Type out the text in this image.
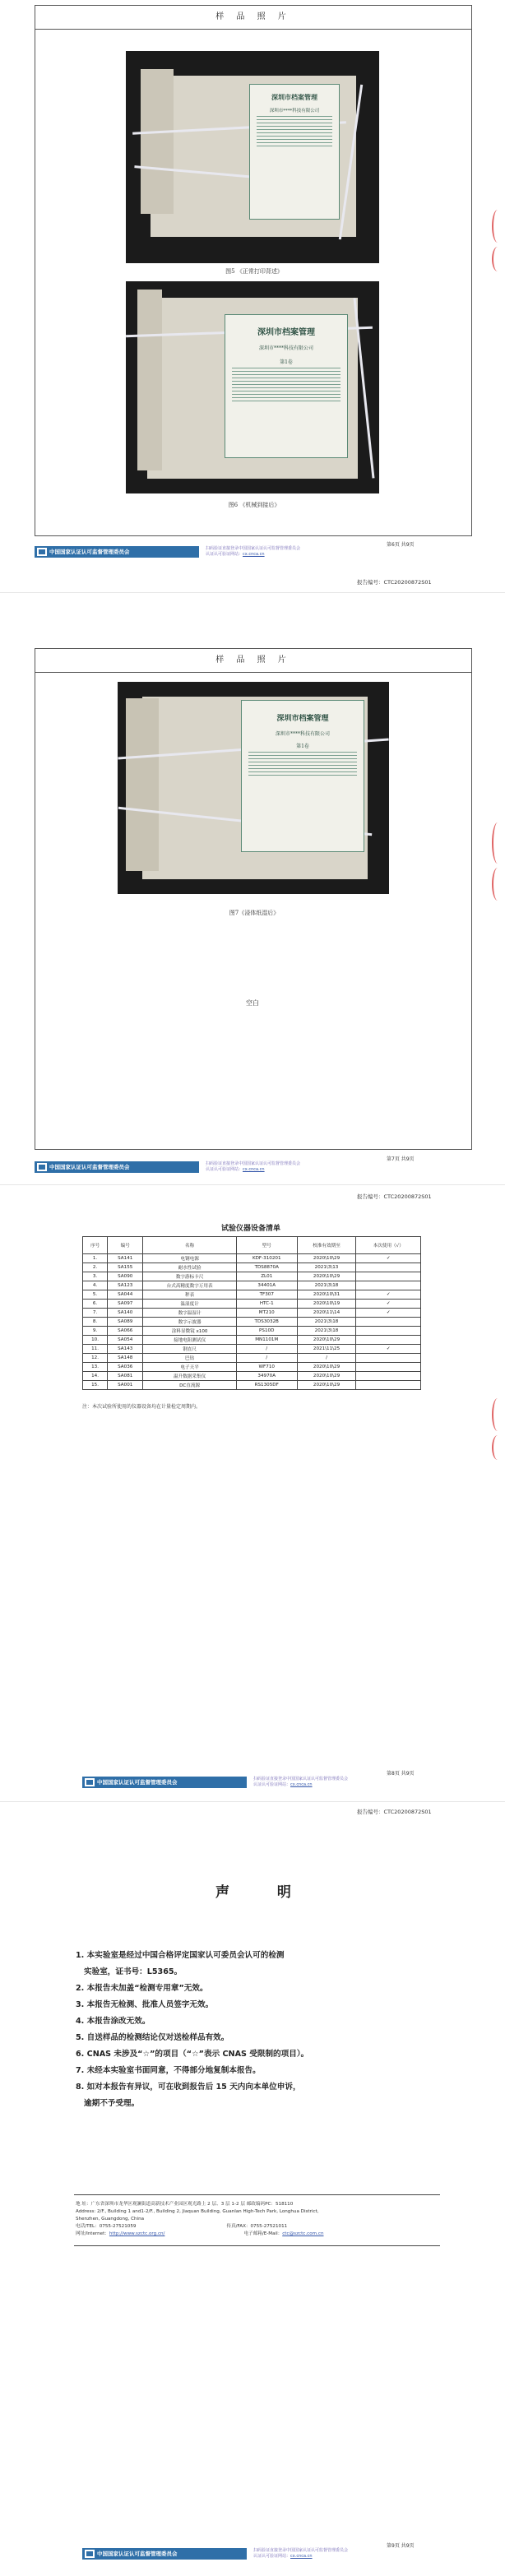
样 品 照 片
深圳市档案管理
深圳市****科技有限公司
图5 《正常打印背述》
深圳市档案管理
深圳市****科技有限公司
第1卷
图6 《机械到接后》
第6页 共9页
中国国家认证认可监督管理委员会	扫码验证直接登录中国国家认证认可监督管理委员会
认证认可验证网站：cx.cnca.cn
报告编号：CTC20200872S01
样 品 照 片
深圳市档案管理
深圳市****科技有限公司
第1卷
图7《浸体纸湿后》
空白
第7页 共9页
中国国家认证认可监督管理委员会	扫码验证直接登录中国国家认证认可监督管理委员会
认证认可验证网站：cx.cnca.cn
报告编号：CTC20200872S01
试验仪器设备清单
序号	编号	名称	型号	校准有效期至	本次使用（√）
1.	SA141	电钢电源	KDF-310201	2020\10\29	✓
2.	SA155	耐水性试验	TDS8870A	2021\3\13	
3.	SA090	数字游标卡尺	ZL01	2020\10\29	
4.	SA123	台式高精度数字万用表	34401A	2021\3\18	
5.	SA044	秤表	TF307	2020\10\31	✓
6.	SA097	温湿度计	HTC-1	2020\10\19	✓
7.	SA140	数字温湿计	MT210	2020\11\14	✓
8.	SA089	数字示波器	TDS3032B	2021\3\18	
9.	SA066	涂料显微镜 x100	PS10D	2021\3\18	
10.	SA054	接地电阻测试仪	MN1101M	2020\10\29	
11.	SA143	钢直尺	/	2021\11\25	✓
12.	SA148	巴钻	/	/	
13.	SA036	电子天平	WF710	2020\10\29	
14.	SA081	温升数据采集仪	34970A	2020\10\29	
15.	SA001	DC直流源	RS1305DF	2020\10\29	
注：本次试验所使用的仪器设备均在计量检定周期内。
第8页 共9页
中国国家认证认可监督管理委员会	扫码验证直接登录中国国家认证认可监督管理委员会
认证认可验证网站：cx.cnca.cn
报告编号：CTC20200872S01
声 明
1. 本实验室是经过中国合格评定国家认可委员会认可的检测
实验室，证书号：L5365。
2. 本报告未加盖“检测专用章”无效。
3. 本报告无检测、批准人员签字无效。
4. 本报告涂改无效。
5. 自送样品的检测结论仅对送检样品有效。
6. CNAS 未涉及“☆”的项目（“☆”表示 CNAS 受限制的项目）。
7. 未经本实验室书面同意，不得部分地复制本报告。
8. 如对本报告有异议，可在收到报告后 15 天内向本单位申诉，
逾期不予受理。
地 址：广东省深圳市龙华区观澜街道高新技术产业园区观光路上 2 层、3 层 1-2 层 邮政编码PC：518110
Address: 2/F., Building 1 and1-2/F., Building 2, Jiaquan Building, Guanlan High-Tech Park, Longhua District,
Shenzhen, Guangdong, China
电话/TEL：0755-27521059	传真/FAX：0755-27521011
网址/Internet：http://www.szctc.org.cn/	电子邮箱/E-Mail：ctc@szctc.com.cn
第9页 共9页
中国国家认证认可监督管理委员会	扫码验证直接登录中国国家认证认可监督管理委员会
认证认可验证网站：cx.cnca.cn
